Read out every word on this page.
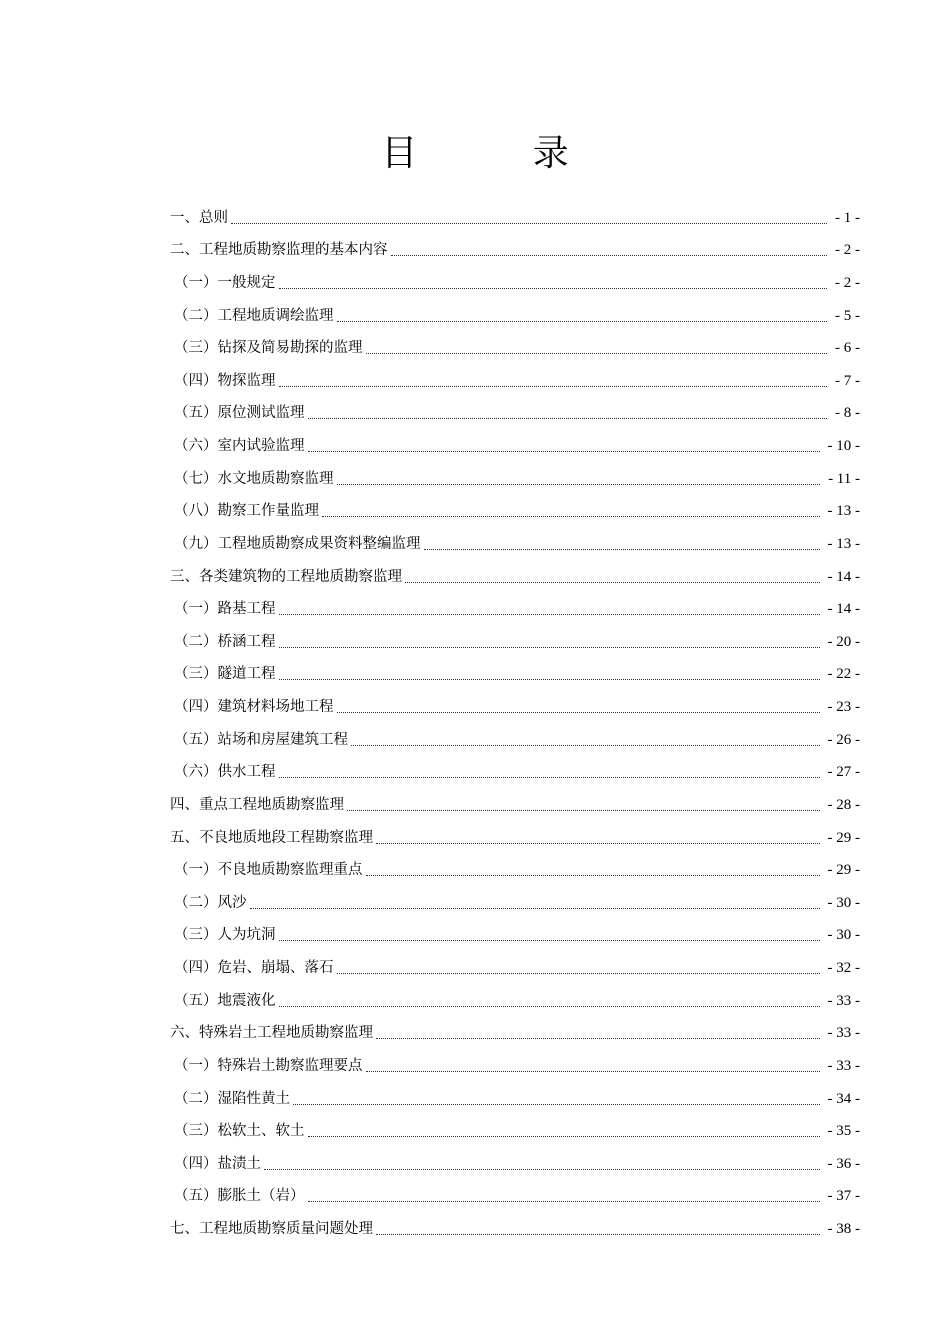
目 录
一、总则	- 1 -
二、工程地质勘察监理的基本内容	- 2 -
（一）一般规定	- 2 -
（二）工程地质调绘监理	- 5 -
（三）钻探及简易勘探的监理	- 6 -
（四）物探监理	- 7 -
（五）原位测试监理	- 8 -
（六）室内试验监理	- 10 -
（七）水文地质勘察监理	- 11 -
（八）勘察工作量监理	- 13 -
（九）工程地质勘察成果资料整编监理	- 13 -
三、各类建筑物的工程地质勘察监理	- 14 -
（一）路基工程	- 14 -
（二）桥涵工程	- 20 -
（三）隧道工程	- 22 -
（四）建筑材料场地工程	- 23 -
（五）站场和房屋建筑工程	- 26 -
（六）供水工程	- 27 -
四、重点工程地质勘察监理	- 28 -
五、不良地质地段工程勘察监理	- 29 -
（一）不良地质勘察监理重点	- 29 -
（二）风沙	- 30 -
（三）人为坑洞	- 30 -
（四）危岩、崩塌、落石	- 32 -
（五）地震液化	- 33 -
六、特殊岩土工程地质勘察监理	- 33 -
（一）特殊岩土勘察监理要点	- 33 -
（二）湿陷性黄土	- 34 -
（三）松软土、软土	- 35 -
（四）盐渍土	- 36 -
（五）膨胀土（岩）	- 37 -
七、工程地质勘察质量问题处理	- 38 -
